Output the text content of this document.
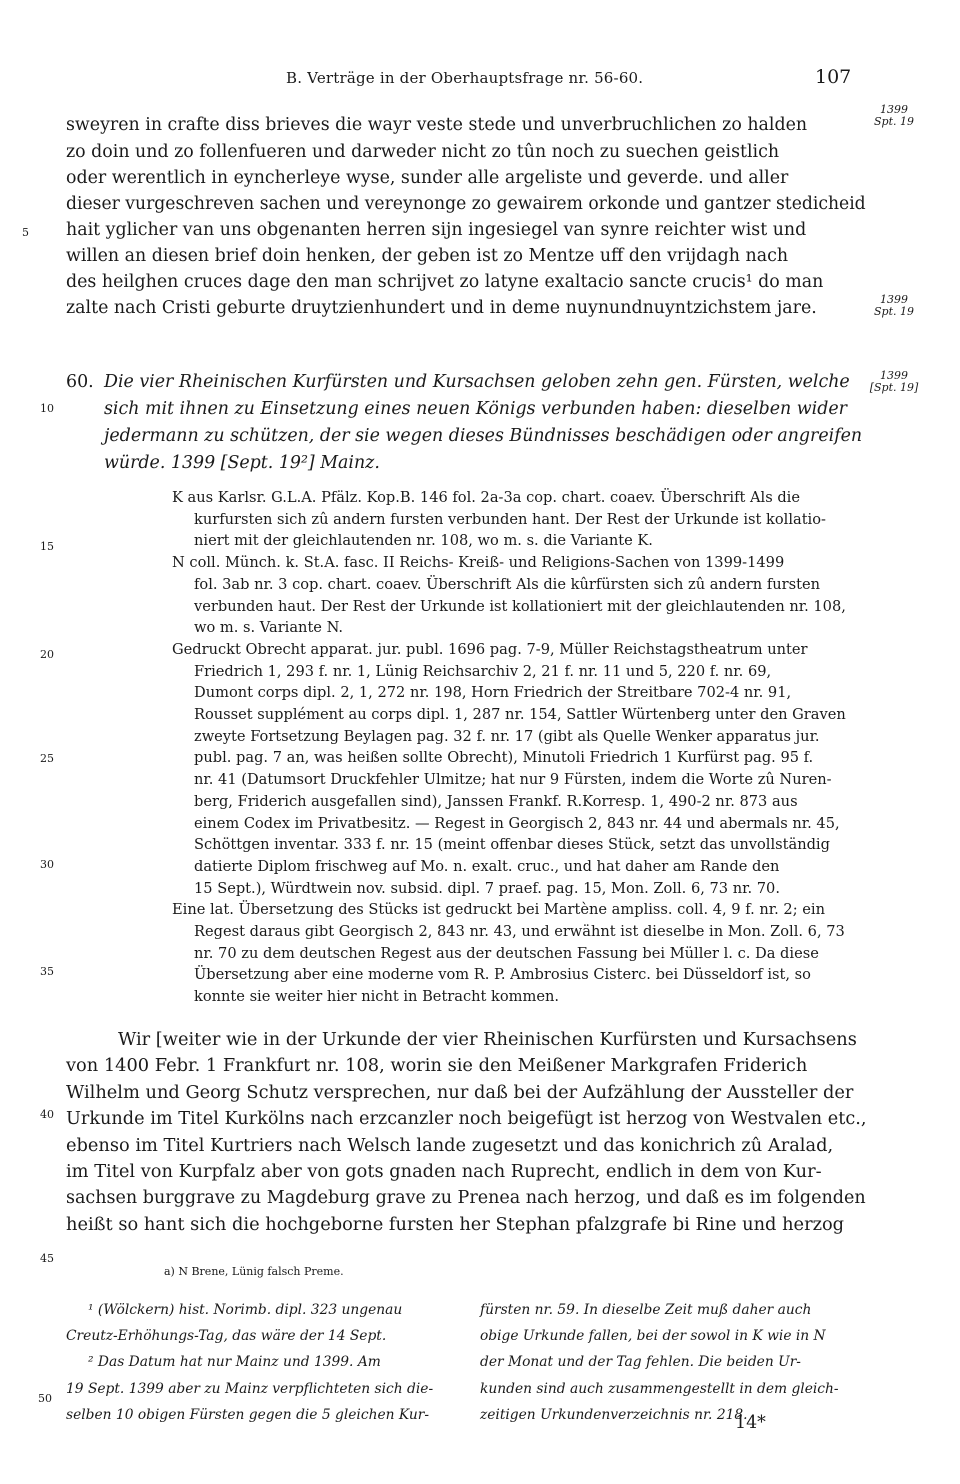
B. Verträge in der Oberhauptsfrage nr. 56-60.	107
1399
Spt. 19
1399
Spt. 19
1399
[Spt. 19]
5
10
15
20
25
30
35
40
45
50
sweyren in crafte diss brieves die wayr veste stede und unverbruchlichen zo halden
zo doin und zo follenfueren und darweder nicht zo tûn noch zu suechen geistlich
oder werentlich in eyncherleye wyse, sunder alle argeliste und geverde. und aller
dieser vurgeschreven sachen und vereynonge zo gewairem orkonde und gantzer stedicheid
hait yglicher van uns obgenanten herren sijn ingesiegel van synre reichter wist und
willen an diesen brief doin henken, der geben ist zo Mentze uff den vrijdagh nach
des heilghen cruces dage den man schrijvet zo latyne exaltacio sancte crucis¹ do man
zalte nach Cristi geburte druytzienhundert und in deme nuynundnuyntzichstem jare.
60. Die vier Rheinischen Kurfürsten und Kursachsen geloben zehn gen. Fürsten, welche
sich mit ihnen zu Einsetzung eines neuen Königs verbunden haben: dieselben wider
jedermann zu schützen, der sie wegen dieses Bündnisses beschädigen oder angreifen
würde. 1399 [Sept. 19²] Mainz.
K aus Karlsr. G.L.A. Pfälz. Kop.B. 146 fol. 2a-3a cop. chart. coaev. Überschrift Als die
kurfursten sich zû andern fursten verbunden hant. Der Rest der Urkunde ist kollatio-
niert mit der gleichlautenden nr. 108, wo m. s. die Variante K.
N coll. Münch. k. St.A. fasc. II Reichs- Kreiß- und Religions-Sachen von 1399-1499
fol. 3ab nr. 3 cop. chart. coaev. Überschrift Als die kûrfürsten sich zû andern fursten
verbunden haut. Der Rest der Urkunde ist kollationiert mit der gleichlautenden nr. 108,
wo m. s. Variante N.
Gedruckt Obrecht apparat. jur. publ. 1696 pag. 7-9, Müller Reichstagstheatrum unter
Friedrich 1, 293 f. nr. 1, Lünig Reichsarchiv 2, 21 f. nr. 11 und 5, 220 f. nr. 69,
Dumont corps dipl. 2, 1, 272 nr. 198, Horn Friedrich der Streitbare 702-4 nr. 91,
Rousset supplément au corps dipl. 1, 287 nr. 154, Sattler Würtenberg unter den Graven
zweyte Fortsetzung Beylagen pag. 32 f. nr. 17 (gibt als Quelle Wenker apparatus jur.
publ. pag. 7 an, was heißen sollte Obrecht), Minutoli Friedrich 1 Kurfürst pag. 95 f.
nr. 41 (Datumsort Druckfehler Ulmitze; hat nur 9 Fürsten, indem die Worte zû Nuren-
berg, Friderich ausgefallen sind), Janssen Frankf. R.Korresp. 1, 490-2 nr. 873 aus
einem Codex im Privatbesitz. — Regest in Georgisch 2, 843 nr. 44 und abermals nr. 45,
Schöttgen inventar. 333 f. nr. 15 (meint offenbar dieses Stück, setzt das unvollständig
datierte Diplom frischweg auf Mo. n. exalt. cruc., und hat daher am Rande den
15 Sept.), Würdtwein nov. subsid. dipl. 7 praef. pag. 15, Mon. Zoll. 6, 73 nr. 70.
Eine lat. Übersetzung des Stücks ist gedruckt bei Martène ampliss. coll. 4, 9 f. nr. 2; ein
Regest daraus gibt Georgisch 2, 843 nr. 43, und erwähnt ist dieselbe in Mon. Zoll. 6, 73
nr. 70 zu dem deutschen Regest aus der deutschen Fassung bei Müller l. c. Da diese
Übersetzung aber eine moderne vom R. P. Ambrosius Cisterc. bei Düsseldorf ist, so
konnte sie weiter hier nicht in Betracht kommen.
Wir [weiter wie in der Urkunde der vier Rheinischen Kurfürsten und Kursachsens
von 1400 Febr. 1 Frankfurt nr. 108, worin sie den Meißener Markgrafen Friderich
Wilhelm und Georg Schutz versprechen, nur daß bei der Aufzählung der Aussteller der
Urkunde im Titel Kurkölns nach erzcanzler noch beigefügt ist herzog von Westvalen etc.,
ebenso im Titel Kurtriers nach Welsch lande zugesetzt und das konichrich zû Aralad,
im Titel von Kurpfalz aber von gots gnaden nach Ruprecht, endlich in dem von Kur-
sachsen burggrave zu Magdeburg grave zu Prenea nach herzog, und daß es im folgenden
heißt so hant sich die hochgeborne fursten her Stephan pfalzgrafe bi Rine und herzog
a) N Brene, Lünig falsch Preme.
¹ (Wölckern) hist. Norimb. dipl. 323 ungenau
Creutz-Erhöhungs-Tag, das wäre der 14 Sept.
² Das Datum hat nur Mainz und 1399. Am
19 Sept. 1399 aber zu Mainz verpflichteten sich die-
selben 10 obigen Fürsten gegen die 5 gleichen Kur-
fürsten nr. 59. In dieselbe Zeit muß daher auch
obige Urkunde fallen, bei der sowol in K wie in N
der Monat und der Tag fehlen. Die beiden Ur-
kunden sind auch zusammengestellt in dem gleich-
zeitigen Urkundenverzeichnis nr. 218.
14*
